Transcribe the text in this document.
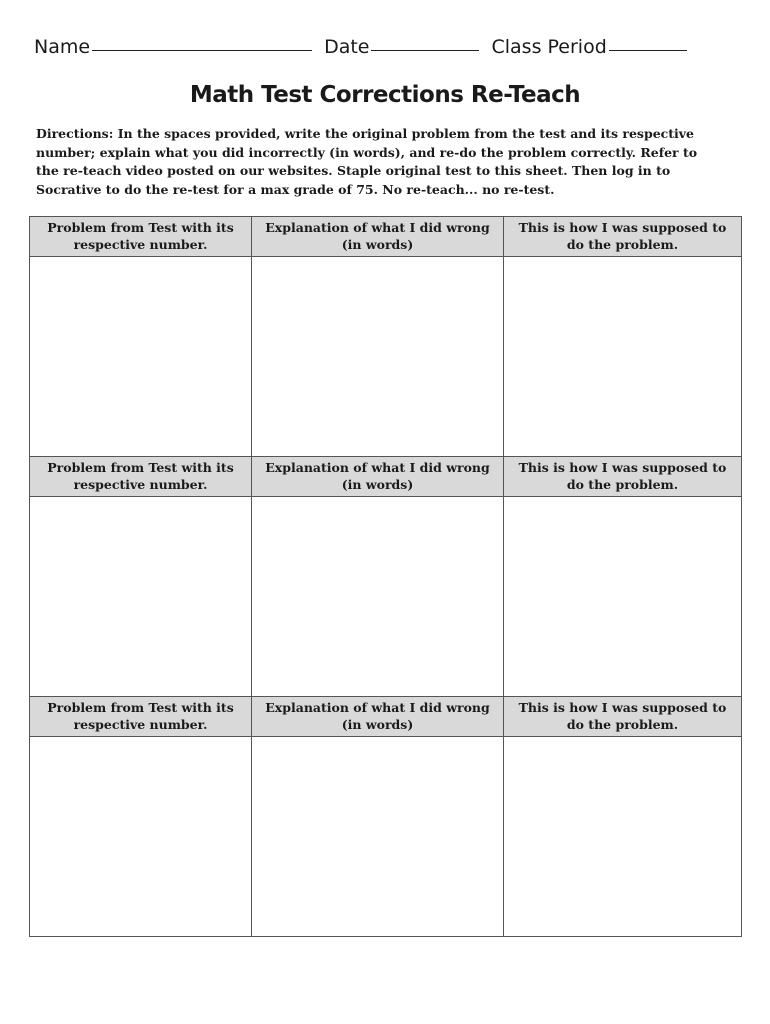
Name	Date	Class Period
Math Test Corrections Re-Teach
Directions: In the spaces provided, write the original problem from the test and its respective number; explain what you did incorrectly (in words), and re-do the problem correctly. Refer to the re-teach video posted on our websites. Staple original test to this sheet. Then log in to Socrative to do the re-test for a max grade of 75. No re-teach... no re-test.
Problem from Test with its respective number.	Explanation of what I did wrong (in words)	This is how I was supposed to do the problem.

Problem from Test with its respective number.	Explanation of what I did wrong (in words)	This is how I was supposed to do the problem.

Problem from Test with its respective number.	Explanation of what I did wrong (in words)	This is how I was supposed to do the problem.
